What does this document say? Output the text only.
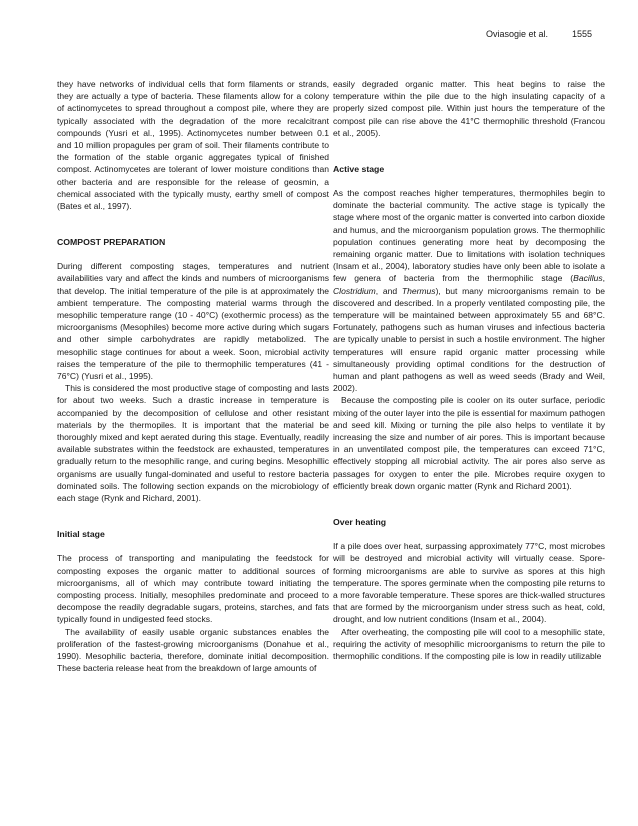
Oviasogie et al.	1555

they have networks of individual cells that form filaments or strands, they are actually a type of bacteria. These filaments allow for a colony of actinomycetes to spread throughout a compost pile, where they are typically associated with the degradation of the more recalcitrant compounds (Yusri et al., 1995). Actinomycetes number between 0.1 and 10 million propagules per gram of soil. Their filaments contribute to the formation of the stable organic aggregates typical of finished compost. Actinomycetes are tolerant of lower moisture conditions than other bacteria and are responsible for the release of geosmin, a chemical associated with the typically musty, earthy smell of compost (Bates et al., 1997).

COMPOST PREPARATION

During different composting stages, temperatures and nutrient availabilities vary and affect the kinds and numbers of microorganisms that develop. The initial temperature of the pile is at approximately the ambient temperature. The composting material warms through the mesophilic temperature range (10 - 40°C) (exothermic process) as the microorganisms (Mesophiles) become more active during which sugars and other simple carbohydrates are rapidly metabolized. The mesophilic stage continues for about a week. Soon, microbial activity raises the temperature of the pile to thermophilic temperatures (41 - 76°C) (Yusri et al., 1995).

This is considered the most productive stage of composting and lasts for about two weeks. Such a drastic increase in temperature is accompanied by the decomposition of cellulose and other resistant materials by the thermopiles. It is important that the material be thoroughly mixed and kept aerated during this stage. Eventually, readily available substrates within the feedstock are exhausted, temperatures gradually return to the mesophilic range, and curing begins. Mesophillic organisms are usually fungal-dominated and useful to restore bacteria dominated soils. The following section expands on the microbiology of each stage (Rynk and Richard, 2001).

Initial stage

The process of transporting and manipulating the feedstock for composting exposes the organic matter to additional sources of microorganisms, all of which may contribute toward initiating the composting process. Initially, mesophiles predominate and proceed to decompose the readily degradable sugars, proteins, starches, and fats typically found in undigested feed stocks.

The availability of easily usable organic substances enables the proliferation of the fastest-growing microorganisms (Donahue et al., 1990). Mesophilic bacteria, therefore, dominate initial decomposition. These bacteria release heat from the breakdown of large amounts of

easily degraded organic matter. This heat begins to raise the temperature within the pile due to the high insulating capacity of a properly sized compost pile. Within just hours the temperature of the compost pile can rise above the 41°C thermophilic threshold (Francou et al., 2005).

Active stage

As the compost reaches higher temperatures, thermophiles begin to dominate the bacterial community. The active stage is typically the stage where most of the organic matter is converted into carbon dioxide and humus, and the microorganism population grows. The thermophilic population continues generating more heat by decomposing the remaining organic matter. Due to limitations with isolation techniques (Insam et al., 2004), laboratory studies have only been able to isolate a few genera of bacteria from the thermophilic stage (Bacillus, Clostridium, and Thermus), but many microorganisms remain to be discovered and described. In a properly ventilated composting pile, the temperature will be maintained between approximately 55 and 68°C. Fortunately, pathogens such as human viruses and infectious bacteria are typically unable to persist in such a hostile environment. The higher temperatures will ensure rapid organic matter processing while simultaneously providing optimal conditions for the destruction of human and plant pathogens as well as weed seeds (Brady and Weil, 2002).

Because the composting pile is cooler on its outer surface, periodic mixing of the outer layer into the pile is essential for maximum pathogen and seed kill. Mixing or turning the pile also helps to ventilate it by increasing the size and number of air pores. This is important because in an unventilated compost pile, the temperatures can exceed 71°C, effectively stopping all microbial activity. The air pores also serve as passages for oxygen to enter the pile. Microbes require oxygen to efficiently break down organic matter (Rynk and Richard 2001).

Over heating

If a pile does over heat, surpassing approximately 77°C, most microbes will be destroyed and microbial activity will virtually cease. Spore-forming microorganisms are able to survive as spores at this high temperature. The spores germinate when the composting pile returns to a more favorable temperature. These spores are thick-walled structures that are formed by the microorganism under stress such as heat, cold, drought, and low nutrient conditions (Insam et al., 2004).

After overheating, the composting pile will cool to a mesophilic state, requiring the activity of mesophilic microorganisms to return the pile to thermophilic conditions. If the composting pile is low in readily utilizable
